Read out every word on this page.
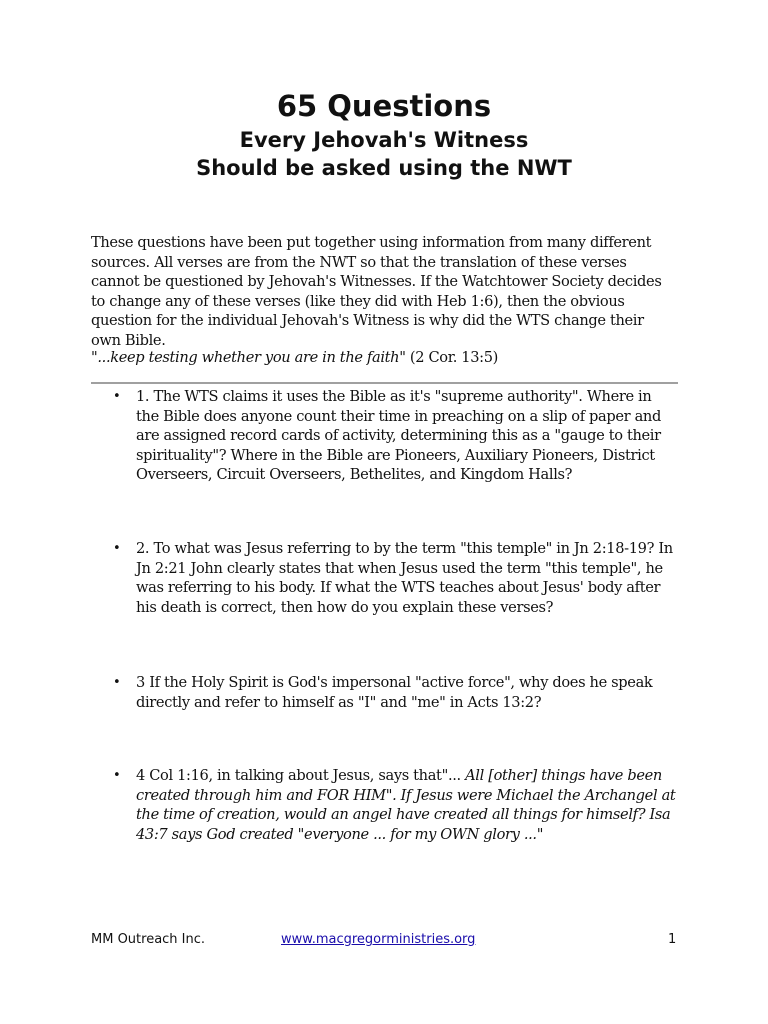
65 Questions
Every Jehovah's Witness
Should be asked using the NWT

These questions have been put together using information from many different sources. All verses are from the NWT so that the translation of these verses cannot be questioned by Jehovah's Witnesses. If the Watchtower Society decides to change any of these verses (like they did with Heb 1:6), then the obvious question for the individual Jehovah's Witness is why did the WTS change their own Bible.

"...keep testing whether you are in the faith" (2 Cor. 13:5)

• 1. The WTS claims it uses the Bible as it's "supreme authority". Where in the Bible does anyone count their time in preaching on a slip of paper and are assigned record cards of activity, determining this as a "gauge to their spirituality"? Where in the Bible are Pioneers, Auxiliary Pioneers, District Overseers, Circuit Overseers, Bethelites, and Kingdom Halls?

• 2. To what was Jesus referring to by the term "this temple" in Jn 2:18-19? In Jn 2:21 John clearly states that when Jesus used the term "this temple", he was referring to his body. If what the WTS teaches about Jesus' body after his death is correct, then how do you explain these verses?

• 3 If the Holy Spirit is God's impersonal "active force", why does he speak directly and refer to himself as "I" and "me" in Acts 13:2?

• 4 Col 1:16, in talking about Jesus, says that"... All [other] things have been created through him and FOR HIM". If Jesus were Michael the Archangel at the time of creation, would an angel have created all things for himself? Isa 43:7 says God created "everyone ... for my OWN glory ..."

MM Outreach Inc.	www.macgregorministries.org	1
